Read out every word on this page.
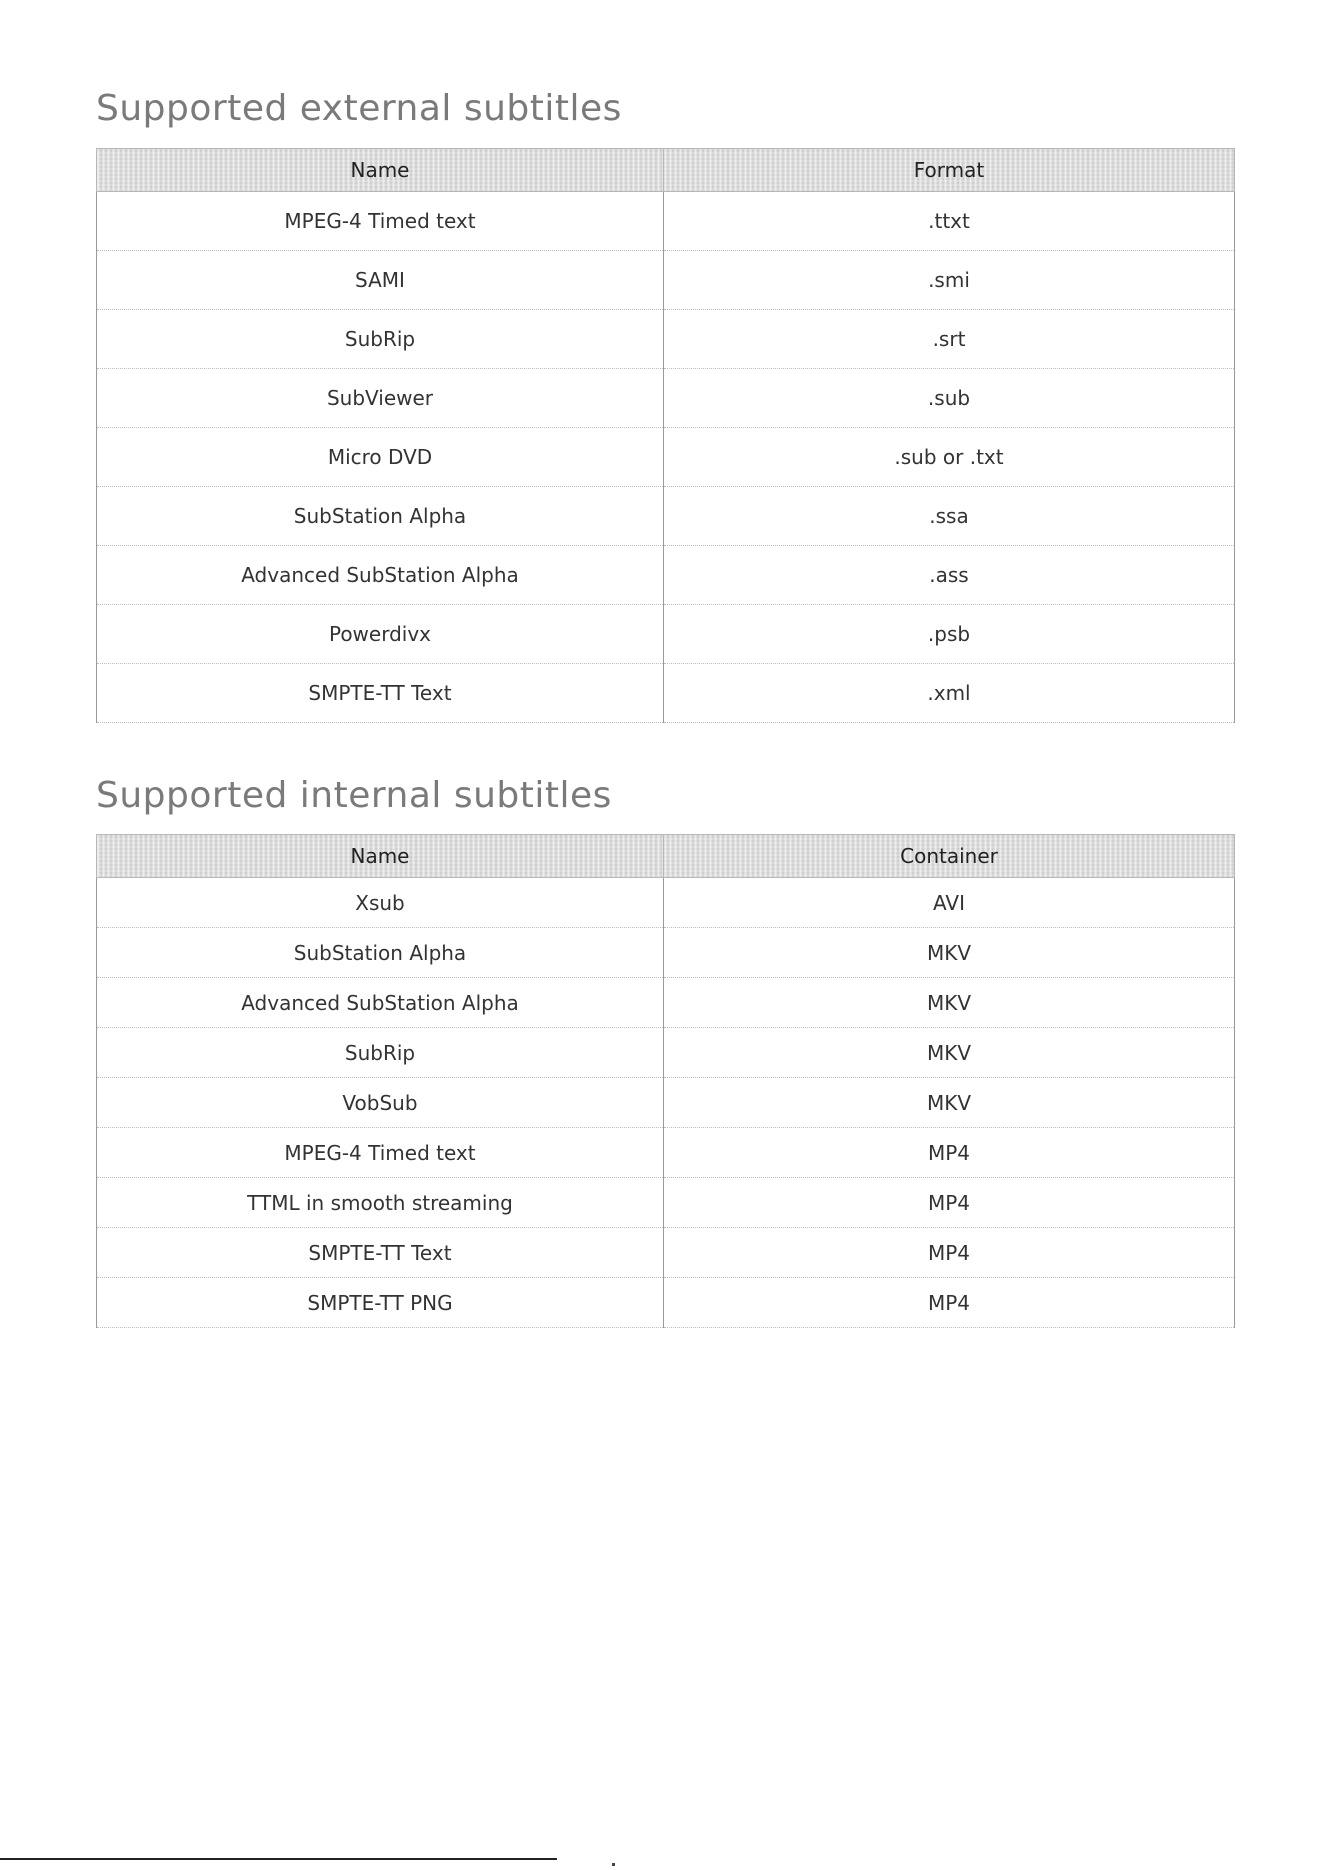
Supported external subtitles
Name	Format
MPEG-4 Timed text	.ttxt
SAMI	.smi
SubRip	.srt
SubViewer	.sub
Micro DVD	.sub or .txt
SubStation Alpha	.ssa
Advanced SubStation Alpha	.ass
Powerdivx	.psb
SMPTE-TT Text	.xml
Supported internal subtitles
Name	Container
Xsub	AVI
SubStation Alpha	MKV
Advanced SubStation Alpha	MKV
SubRip	MKV
VobSub	MKV
MPEG-4 Timed text	MP4
TTML in smooth streaming	MP4
SMPTE-TT Text	MP4
SMPTE-TT PNG	MP4
